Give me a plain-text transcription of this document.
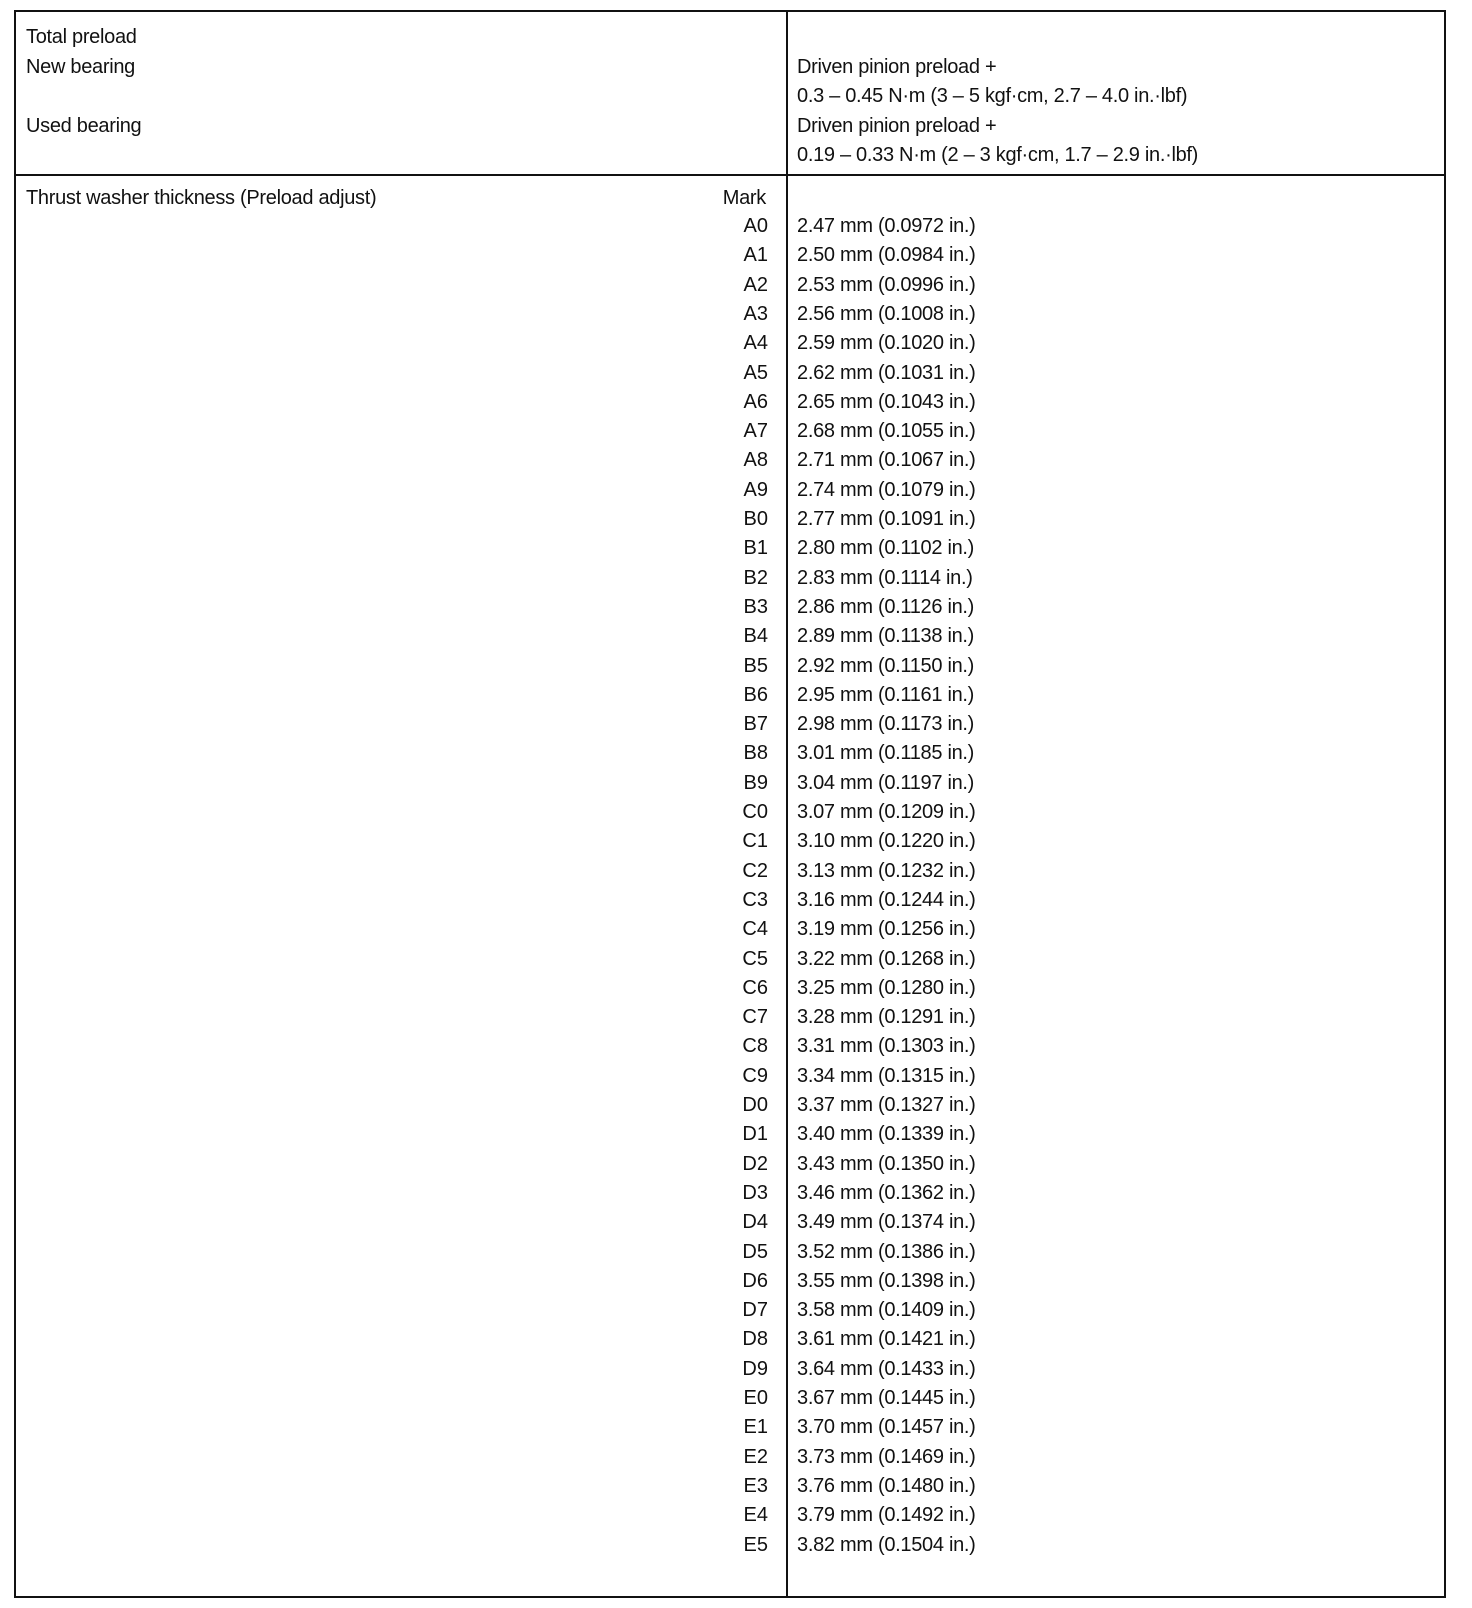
Total preload
New bearing	Driven pinion preload +
0.3 – 0.45 N·m (3 – 5 kgf·cm, 2.7 – 4.0 in.·lbf)
Used bearing	Driven pinion preload +
0.19 – 0.33 N·m (2 – 3 kgf·cm, 1.7 – 2.9 in.·lbf)
Thrust washer thickness (Preload adjust)	Mark
A0 2.47 mm (0.0972 in.)
A1 2.50 mm (0.0984 in.)
A2 2.53 mm (0.0996 in.)
A3 2.56 mm (0.1008 in.)
A4 2.59 mm (0.1020 in.)
A5 2.62 mm (0.1031 in.)
A6 2.65 mm (0.1043 in.)
A7 2.68 mm (0.1055 in.)
A8 2.71 mm (0.1067 in.)
A9 2.74 mm (0.1079 in.)
B0 2.77 mm (0.1091 in.)
B1 2.80 mm (0.1102 in.)
B2 2.83 mm (0.1114 in.)
B3 2.86 mm (0.1126 in.)
B4 2.89 mm (0.1138 in.)
B5 2.92 mm (0.1150 in.)
B6 2.95 mm (0.1161 in.)
B7 2.98 mm (0.1173 in.)
B8 3.01 mm (0.1185 in.)
B9 3.04 mm (0.1197 in.)
C0 3.07 mm (0.1209 in.)
C1 3.10 mm (0.1220 in.)
C2 3.13 mm (0.1232 in.)
C3 3.16 mm (0.1244 in.)
C4 3.19 mm (0.1256 in.)
C5 3.22 mm (0.1268 in.)
C6 3.25 mm (0.1280 in.)
C7 3.28 mm (0.1291 in.)
C8 3.31 mm (0.1303 in.)
C9 3.34 mm (0.1315 in.)
D0 3.37 mm (0.1327 in.)
D1 3.40 mm (0.1339 in.)
D2 3.43 mm (0.1350 in.)
D3 3.46 mm (0.1362 in.)
D4 3.49 mm (0.1374 in.)
D5 3.52 mm (0.1386 in.)
D6 3.55 mm (0.1398 in.)
D7 3.58 mm (0.1409 in.)
D8 3.61 mm (0.1421 in.)
D9 3.64 mm (0.1433 in.)
E0 3.67 mm (0.1445 in.)
E1 3.70 mm (0.1457 in.)
E2 3.73 mm (0.1469 in.)
E3 3.76 mm (0.1480 in.)
E4 3.79 mm (0.1492 in.)
E5 3.82 mm (0.1504 in.)
